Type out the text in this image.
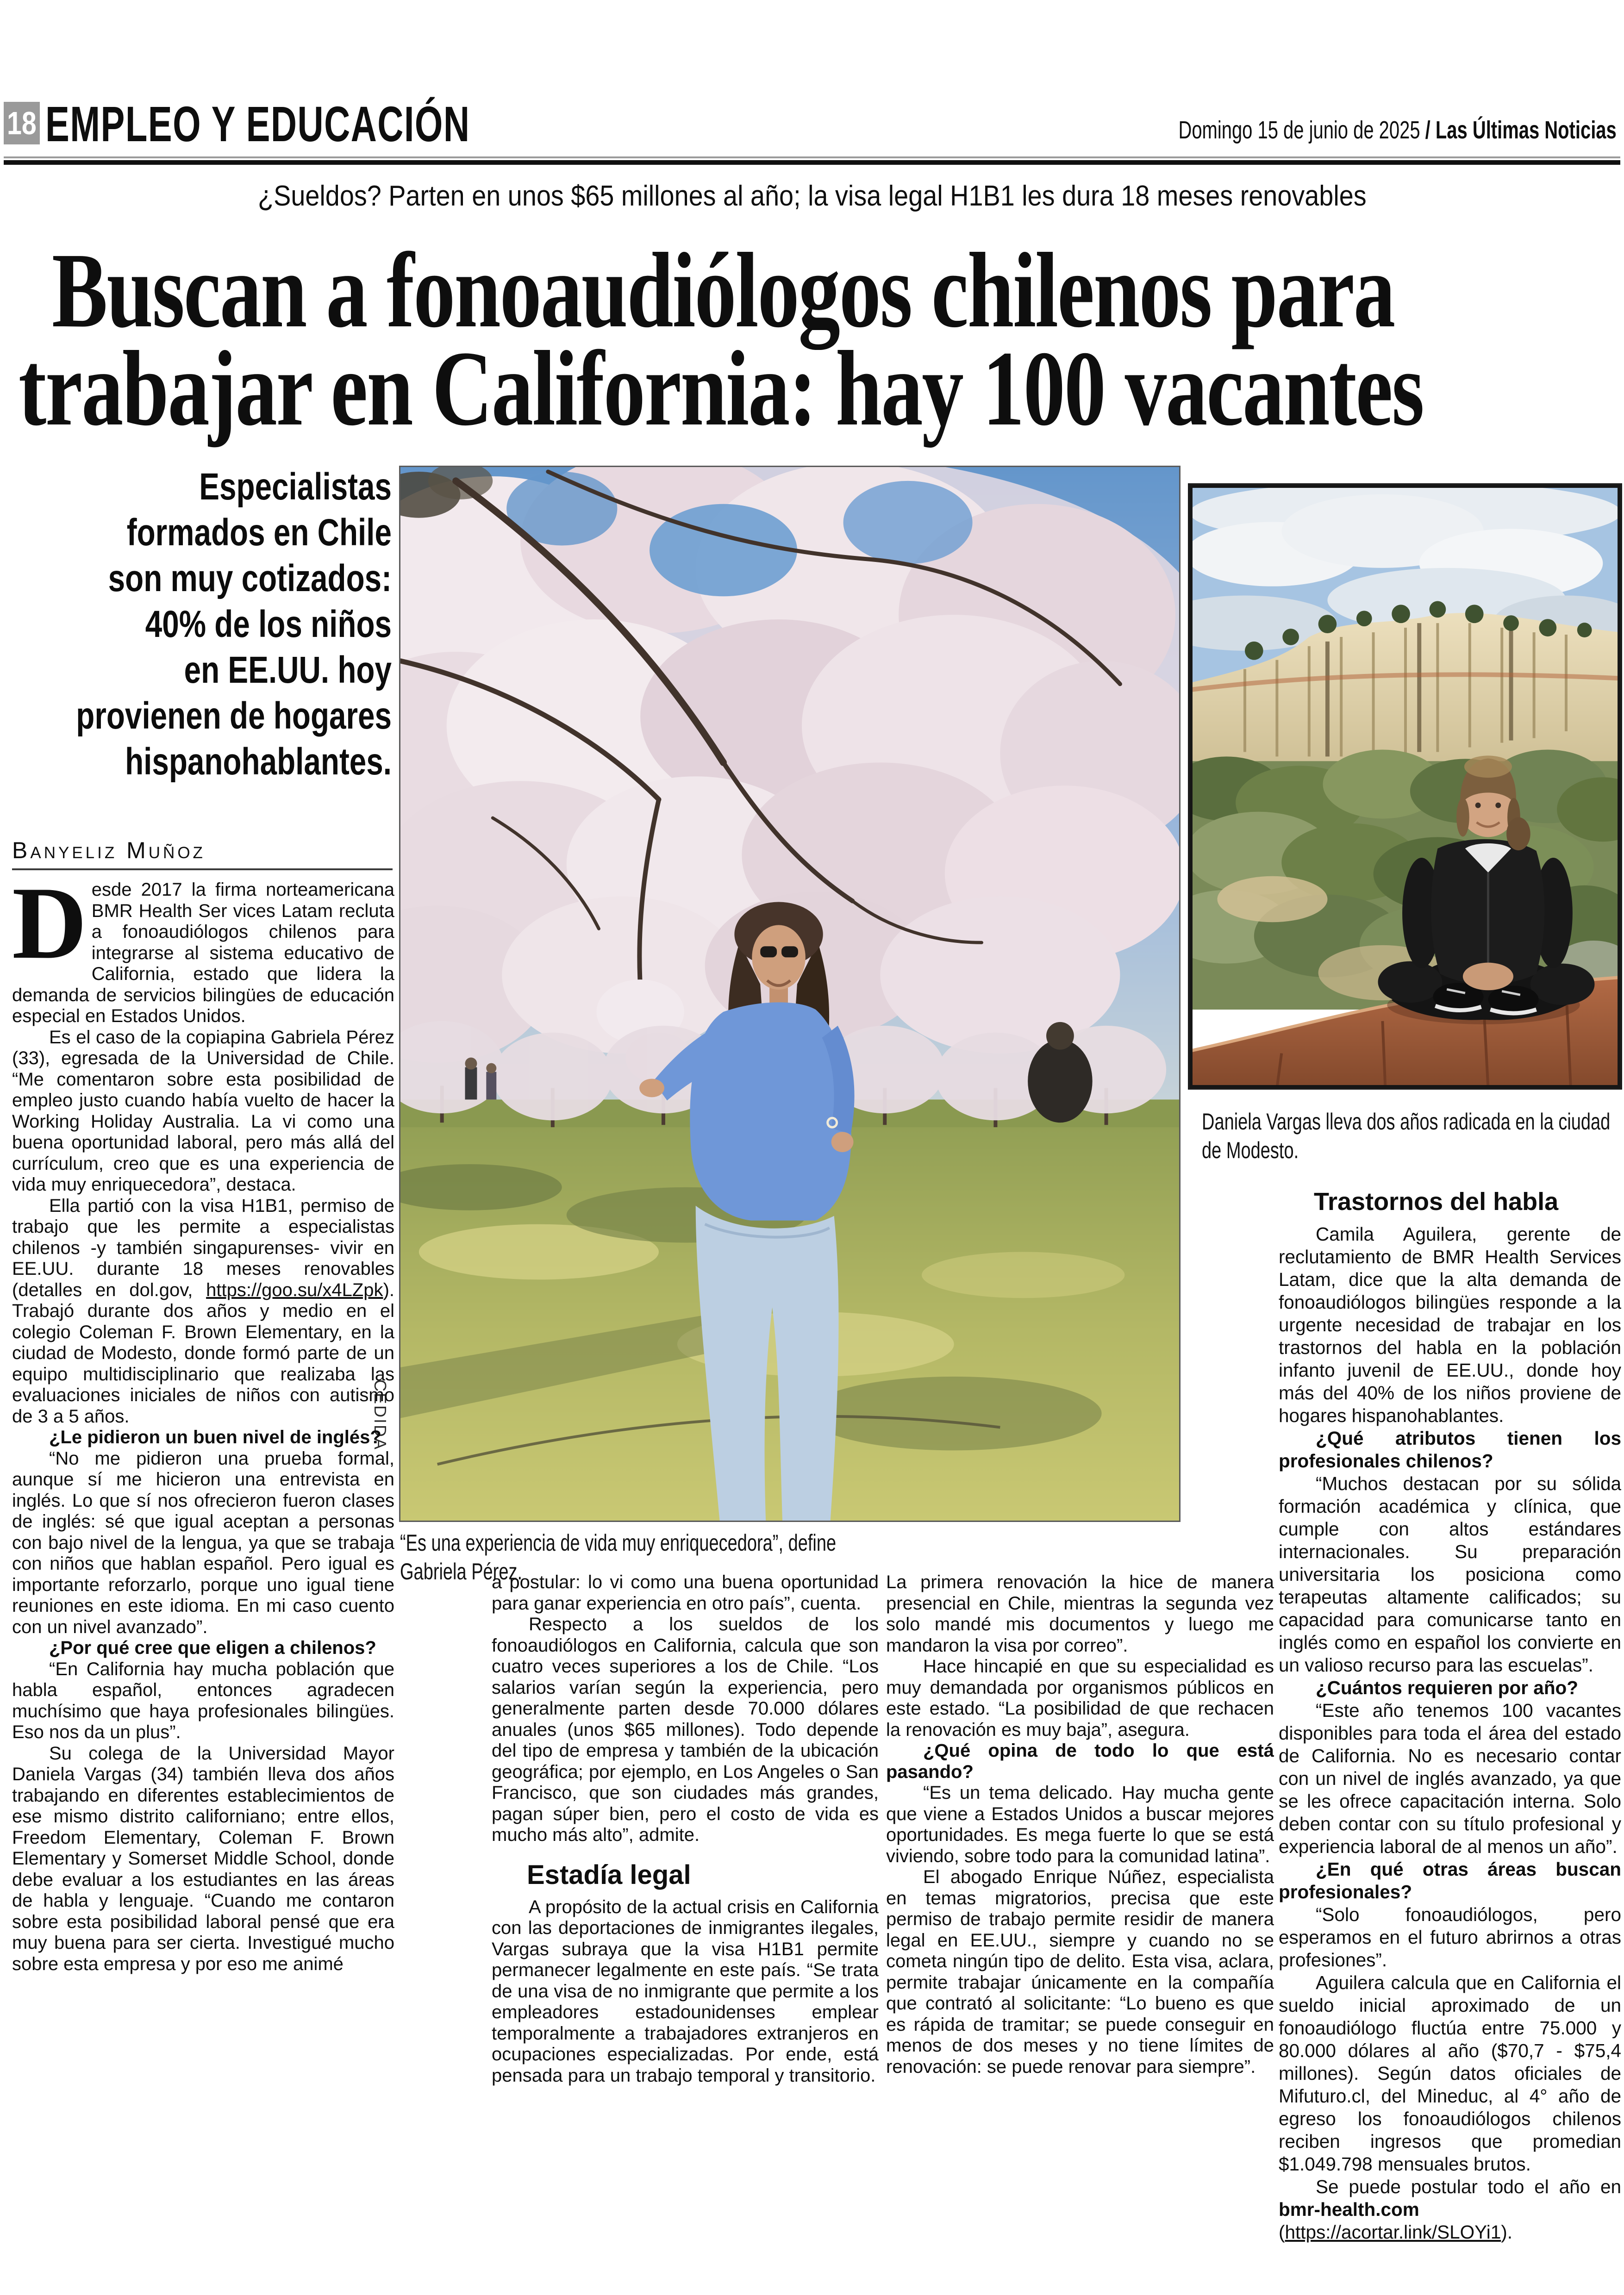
18 EMPLEO Y EDUCACIÓN	Domingo 15 de junio de 2025 / Las Últimas Noticias
¿Sueldos? Parten en unos $65 millones al año; la visa legal H1B1 les dura 18 meses renovables
Buscan a fonoaudiólogos chilenos para
trabajar en California: hay 100 vacantes
Especialistas
formados en Chile
son muy cotizados:
40% de los niños
en EE.UU. hoy
provienen de hogares
hispanohablantes.
Banyeliz Muñoz
CEDIDA
“Es una experiencia de vida muy enriquecedora”, define Gabriela Pérez.
Daniela Vargas lleva dos años radicada en la ciudad de Modesto.

Desde 2017 la firma norteamericana BMR Health Ser vices Latam recluta a fonoaudiólogos chilenos para integrarse al sistema educativo de California, estado que lidera la demanda de servicios bilingües de educación especial en Estados Unidos.

Es el caso de la copiapina Gabriela Pérez (33), egresada de la Universidad de Chile. “Me comentaron sobre esta posibilidad de empleo justo cuando había vuelto de hacer la Working Holiday Australia. La vi como una buena oportunidad laboral, pero más allá del currículum, creo que es una experiencia de vida muy enriquecedora”, destaca.

Ella partió con la visa H1B1, permiso de trabajo que les permite a especialistas chilenos -y también singapurenses- vivir en EE.UU. durante 18 meses renovables (detalles en dol.gov, https://goo.su/x4LZpk). Trabajó durante dos años y medio en el colegio Coleman F. Brown Elementary, en la ciudad de Modesto, donde formó parte de un equipo multidisciplinario que realizaba las evaluaciones iniciales de niños con autismo de 3 a 5 años.

¿Le pidieron un buen nivel de inglés?

“No me pidieron una prueba formal, aunque sí me hicieron una entrevista en inglés. Lo que sí nos ofrecieron fueron clases de inglés: sé que igual aceptan a personas con bajo nivel de la lengua, ya que se trabaja con niños que hablan español. Pero igual es importante reforzarlo, porque uno igual tiene reuniones en este idioma. En mi caso cuento con un nivel avanzado”.

¿Por qué cree que eligen a chilenos?

“En California hay mucha población que habla español, entonces agradecen muchísimo que haya profesionales bilingües. Eso nos da un plus”.

Su colega de la Universidad Mayor Daniela Vargas (34) también lleva dos años trabajando en diferentes establecimientos de ese mismo distrito californiano; entre ellos, Freedom Elementary, Coleman F. Brown Elementary y Somerset Middle School, donde debe evaluar a los estudiantes en las áreas de habla y lenguaje. “Cuando me contaron sobre esta posibilidad laboral pensé que era muy buena para ser cierta. Investigué mucho sobre esta empresa y por eso me animé

a postular: lo vi como una buena oportunidad para ganar experiencia en otro país”, cuenta.

Respecto a los sueldos de los fonoaudiólogos en California, calcula que son cuatro veces superiores a los de Chile. “Los salarios varían según la experiencia, pero generalmente parten desde 70.000 dólares anuales (unos $65 millones). Todo depende del tipo de empresa y también de la ubicación geográfica; por ejemplo, en Los Angeles o San Francisco, que son ciudades más grandes, pagan súper bien, pero el costo de vida es mucho más alto”, admite.

Estadía legal

A propósito de la actual crisis en California con las deportaciones de inmigrantes ilegales, Vargas subraya que la visa H1B1 permite permanecer legalmente en este país. “Se trata de una visa de no inmigrante que permite a los empleadores estadounidenses emplear temporalmente a trabajadores extranjeros en ocupaciones especializadas. Por ende, está pensada para un trabajo temporal y transitorio.

La primera renovación la hice de manera presencial en Chile, mientras la segunda vez solo mandé mis documentos y luego me mandaron la visa por correo”.

Hace hincapié en que su especialidad es muy demandada por organismos públicos en este estado. “La posibilidad de que rechacen la renovación es muy baja”, asegura.

¿Qué opina de todo lo que está pasando?

“Es un tema delicado. Hay mucha gente que viene a Estados Unidos a buscar mejores oportunidades. Es mega fuerte lo que se está viviendo, sobre todo para la comunidad latina”.

El abogado Enrique Núñez, especialista en temas migratorios, precisa que este permiso de trabajo permite residir de manera legal en EE.UU., siempre y cuando no se cometa ningún tipo de delito. Esta visa, aclara, permite trabajar únicamente en la compañía que contrató al solicitante: “Lo bueno es que es rápida de tramitar; se puede conseguir en menos de dos meses y no tiene límites de renovación: se puede renovar para siempre”.

Trastornos del habla

Camila Aguilera, gerente de reclutamiento de BMR Health Services Latam, dice que la alta demanda de fonoaudiólogos bilingües responde a la urgente necesidad de trabajar en los trastornos del habla en la población infanto juvenil de EE.UU., donde hoy más del 40% de los niños proviene de hogares hispanohablantes.

¿Qué atributos tienen los profesionales chilenos?

“Muchos destacan por su sólida formación académica y clínica, que cumple con altos estándares internacionales. Su preparación universitaria los posiciona como terapeutas altamente calificados; su capacidad para comunicarse tanto en inglés como en español los convierte en un valioso recurso para las escuelas”.

¿Cuántos requieren por año?

“Este año tenemos 100 vacantes disponibles para toda el área del estado de California. No es necesario contar con un nivel de inglés avanzado, ya que se les ofrece capacitación interna. Solo deben contar con su título profesional y experiencia laboral de al menos un año”.

¿En qué otras áreas buscan profesionales?

“Solo fonoaudiólogos, pero esperamos en el futuro abrirnos a otras profesiones”.

Aguilera calcula que en California el sueldo inicial aproximado de un fonoaudiólogo fluctúa entre 75.000 y 80.000 dólares al año ($70,7 - $75,4 millones). Según datos oficiales de Mifuturo.cl, del Mineduc, al 4° año de egreso los fonoaudiólogos chilenos reciben ingresos que promedian $1.049.798 mensuales brutos.

Se puede postular todo el año en bmr-health.com (https://acortar.link/SLOYi1).
